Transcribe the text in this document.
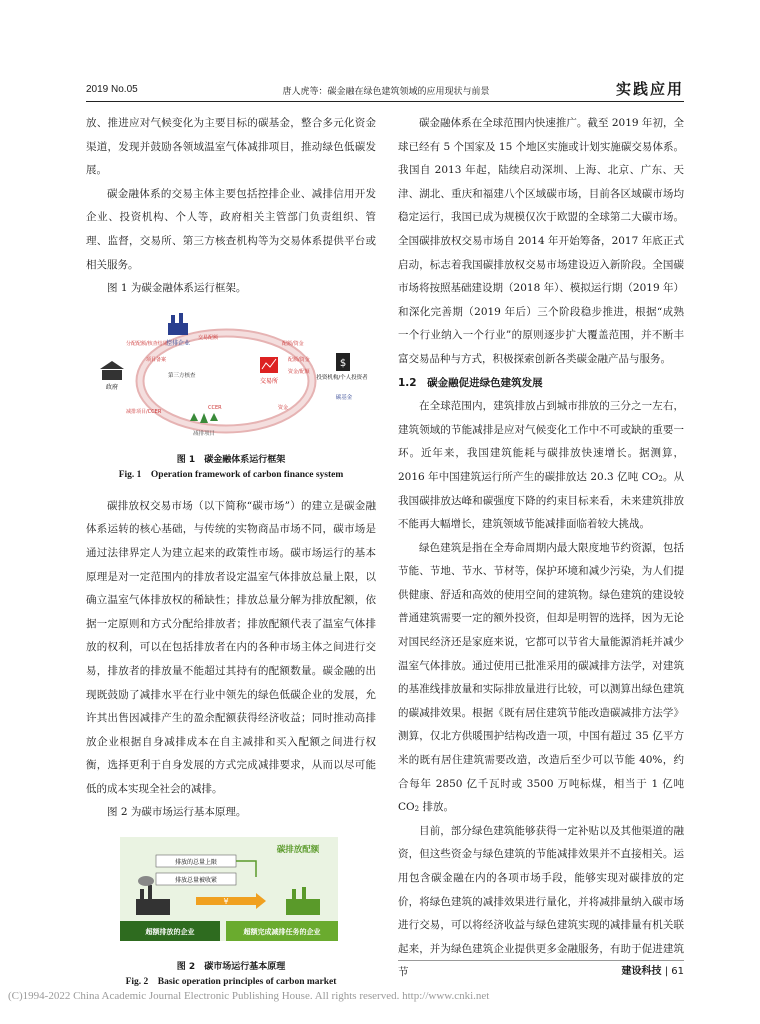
2019 No.05	唐人虎等：碳金融在绿色建筑领域的应用现状与前景	实践应用

放、推进应对气候变化为主要目标的碳基金，整合多元化资金渠道，发现并鼓励各领域温室气体减排项目，推动绿色低碳发展。

碳金融体系的交易主体主要包括控排企业、减排信用开发企业、投资机构、个人等，政府相关主管部门负责组织、管理、监督，交易所、第三方核查机构等为交易体系提供平台或相关服务。

图 1 为碳金融体系运行框架。

控排企业
政府
第三方核查
交易所
$
投资机构/个人投资者
碳基金
分配配额/核查结果
交易配额
配额/资金
项目备案	配额/资金
资金/配额
减排项目/CCER
CCER	资金
减排项目
图 1　碳金融体系运行框架
Fig. 1　Operation framework of carbon finance system

碳排放权交易市场（以下简称“碳市场”）的建立是碳金融体系运转的核心基础，与传统的实物商品市场不同，碳市场是通过法律界定人为建立起来的政策性市场。碳市场运行的基本原理是对一定范围内的排放者设定温室气体排放总量上限，以确立温室气体排放权的稀缺性；排放总量分解为排放配额，依据一定原则和方式分配给排放者；排放配额代表了温室气体排放的权利，可以在包括排放者在内的各种市场主体之间进行交易，排放者的排放量不能超过其持有的配额数量。碳金融的出现既鼓励了减排水平在行业中领先的绿色低碳企业的发展，允许其出售因减排产生的盈余配额获得经济收益；同时推动高排放企业根据自身减排成本在自主减排和买入配额之间进行权衡，选择更利于自身发展的方式完成减排要求，从而以尽可能低的成本实现全社会的减排。

图 2 为碳市场运行基本原理。

碳排放配额
排放的总量上限
排放总量被收紧
¥
超额排放的企业	超额完成减排任务的企业
图 2　碳市场运行基本原理
Fig. 2　Basic operation principles of carbon market

碳金融体系在全球范围内快速推广。截至 2019 年初，全球已经有 5 个国家及 15 个地区实施或计划实施碳交易体系。我国自 2013 年起，陆续启动深圳、上海、北京、广东、天津、湖北、重庆和福建八个区域碳市场，目前各区域碳市场均稳定运行，我国已成为规模仅次于欧盟的全球第二大碳市场。全国碳排放权交易市场自 2014 年开始筹备，2017 年底正式启动，标志着我国碳排放权交易市场建设迈入新阶段。全国碳市场将按照基础建设期（2018 年）、模拟运行期（2019 年）和深化完善期（2019 年后）三个阶段稳步推进，根据“成熟一个行业纳入一个行业”的原则逐步扩大覆盖范围，并不断丰富交易品种与方式，积极探索创新各类碳金融产品与服务。

1.2　碳金融促进绿色建筑发展

在全球范围内，建筑排放占到城市排放的三分之一左右，建筑领域的节能减排是应对气候变化工作中不可或缺的重要一环。近年来，我国建筑能耗与碳排放快速增长。据测算，2016 年中国建筑运行所产生的碳排放达 20.3 亿吨 CO2。从我国碳排放达峰和碳强度下降的约束目标来看，未来建筑排放不能再大幅增长，建筑领域节能减排面临着较大挑战。

绿色建筑是指在全寿命周期内最大限度地节约资源，包括节能、节地、节水、节材等，保护环境和减少污染，为人们提供健康、舒适和高效的使用空间的建筑物。绿色建筑的建设较普通建筑需要一定的额外投资，但却是明智的选择，因为无论对国民经济还是家庭来说，它都可以节省大量能源消耗并减少温室气体排放。通过使用已批准采用的碳减排方法学，对建筑的基准线排放量和实际排放量进行比较，可以测算出绿色建筑的碳减排效果。根据《既有居住建筑节能改造碳减排方法学》测算，仅北方供暖围护结构改造一项，中国有超过 35 亿平方米的既有居住建筑需要改造，改造后至少可以节能 40%，约合每年 2850 亿千瓦时或 3500 万吨标煤，相当于 1 亿吨 CO2 排放。

目前，部分绿色建筑能够获得一定补贴以及其他渠道的融资，但这些资金与绿色建筑的节能减排效果并不直接相关。运用包含碳金融在内的各项市场手段，能够实现对碳排放的定价，将绿色建筑的减排效果进行量化，并将减排量纳入碳市场进行交易，可以将经济收益与绿色建筑实现的减排量有机关联起来，并为绿色建筑企业提供更多金融服务，有助于促进建筑节	建设科技 | 61
(C)1994-2022 China Academic Journal Electronic Publishing House. All rights reserved. http://www.cnki.net
